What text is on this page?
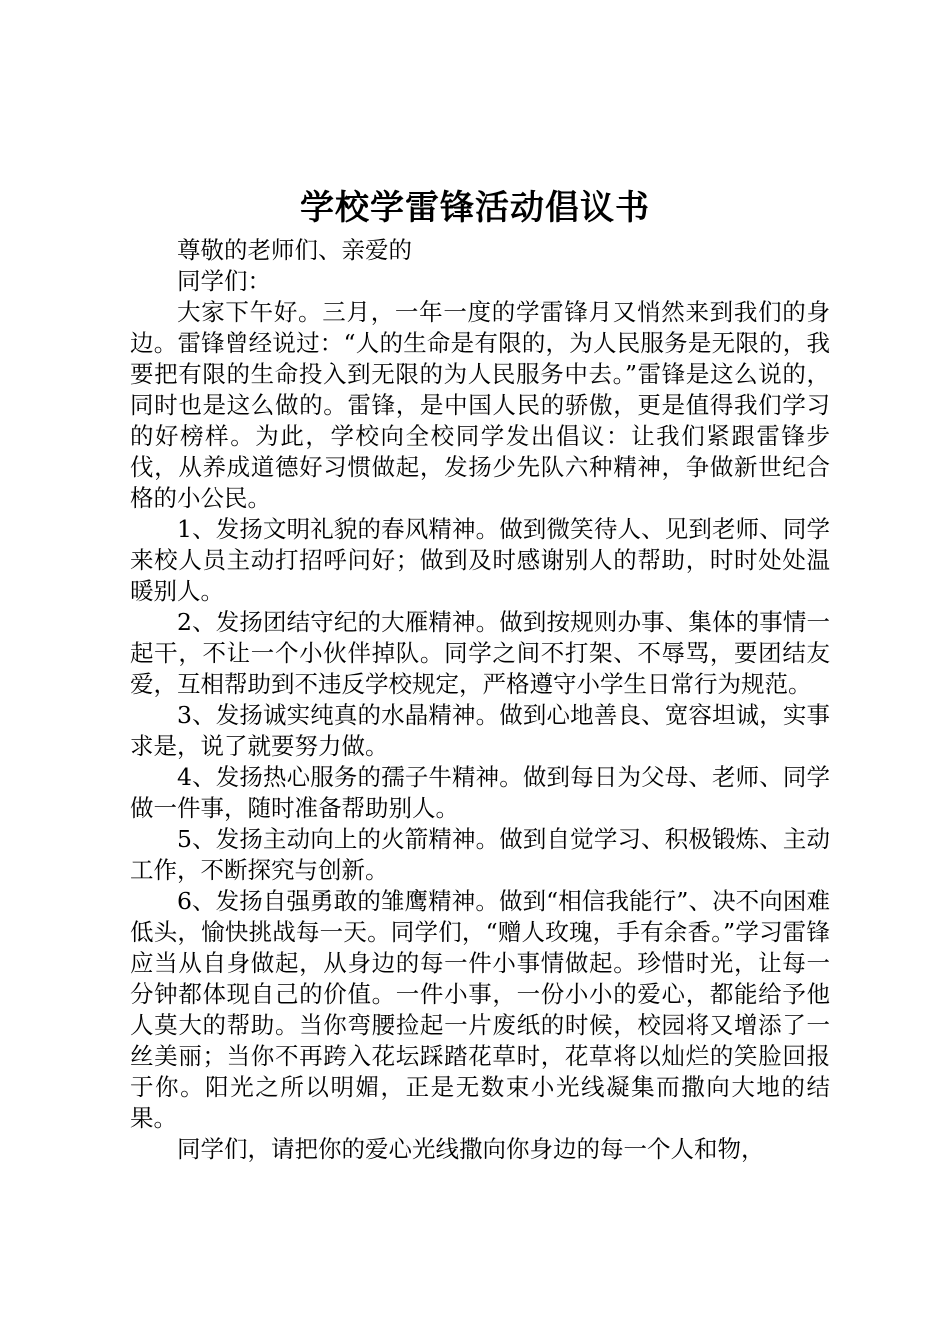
学校学雷锋活动倡议书

尊敬的老师们、亲爱的

同学们：

大家下午好。三月，一年一度的学雷锋月又悄然来到我们的身边。雷锋曾经说过：“人的生命是有限的，为人民服务是无限的，我要把有限的生命投入到无限的为人民服务中去。”雷锋是这么说的，同时也是这么做的。雷锋，是中国人民的骄傲，更是值得我们学习的好榜样。为此，学校向全校同学发出倡议：让我们紧跟雷锋步伐，从养成道德好习惯做起，发扬少先队六种精神，争做新世纪合格的小公民。

1、发扬文明礼貌的春风精神。做到微笑待人、见到老师、同学来校人员主动打招呼问好；做到及时感谢别人的帮助，时时处处温暖别人。

2、发扬团结守纪的大雁精神。做到按规则办事、集体的事情一起干，不让一个小伙伴掉队。同学之间不打架、不辱骂，要团结友爱，互相帮助到不违反学校规定，严格遵守小学生日常行为规范。

3、发扬诚实纯真的水晶精神。做到心地善良、宽容坦诚，实事求是，说了就要努力做。

4、发扬热心服务的孺子牛精神。做到每日为父母、老师、同学做一件事，随时准备帮助别人。

5、发扬主动向上的火箭精神。做到自觉学习、积极锻炼、主动工作，不断探究与创新。

6、发扬自强勇敢的雏鹰精神。做到“相信我能行”、决不向困难低头，愉快挑战每一天。同学们，“赠人玫瑰，手有余香。”学习雷锋应当从自身做起，从身边的每一件小事情做起。珍惜时光，让每一分钟都体现自己的价值。一件小事，一份小小的爱心，都能给予他人莫大的帮助。当你弯腰捡起一片废纸的时候，校园将又增添了一丝美丽；当你不再跨入花坛踩踏花草时，花草将以灿烂的笑脸回报于你。阳光之所以明媚，正是无数束小光线凝集而撒向大地的结果。

同学们，请把你的爱心光线撒向你身边的每一个人和物，
